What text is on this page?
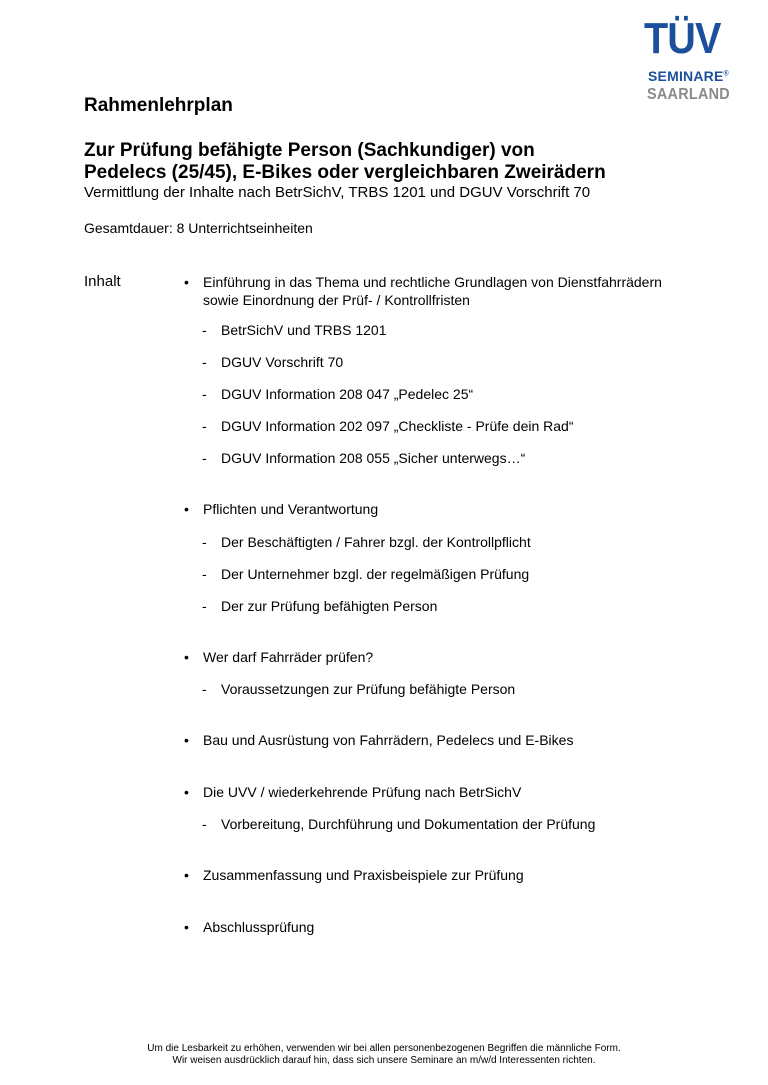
TÜV
SEMINARE®
SAARLAND
Rahmenlehrplan
Zur Prüfung befähigte Person (Sachkundiger) von
Pedelecs (25/45), E-Bikes oder vergleichbaren Zweirädern
Vermittlung der Inhalte nach BetrSichV, TRBS 1201 und DGUV Vorschrift 70
Gesamtdauer: 8 Unterrichtseinheiten
Inhalt	• Einführung in das Thema und rechtliche Grundlagen von Dienstfahrrädern sowie Einordnung der Prüf- / Kontrollfristen
- BetrSichV und TRBS 1201
- DGUV Vorschrift 70
- DGUV Information 208 047 „Pedelec 25“
- DGUV Information 202 097 „Checkliste - Prüfe dein Rad“
- DGUV Information 208 055 „Sicher unterwegs…“
• Pflichten und Verantwortung
- Der Beschäftigten / Fahrer bzgl. der Kontrollpflicht
- Der Unternehmer bzgl. der regelmäßigen Prüfung
- Der zur Prüfung befähigten Person
• Wer darf Fahrräder prüfen?
- Voraussetzungen zur Prüfung befähigte Person
• Bau und Ausrüstung von Fahrrädern, Pedelecs und E-Bikes
• Die UVV / wiederkehrende Prüfung nach BetrSichV
- Vorbereitung, Durchführung und Dokumentation der Prüfung
• Zusammenfassung und Praxisbeispiele zur Prüfung
• Abschlussprüfung
Um die Lesbarkeit zu erhöhen, verwenden wir bei allen personenbezogenen Begriffen die männliche Form.
Wir weisen ausdrücklich darauf hin, dass sich unsere Seminare an m/w/d Interessenten richten.
